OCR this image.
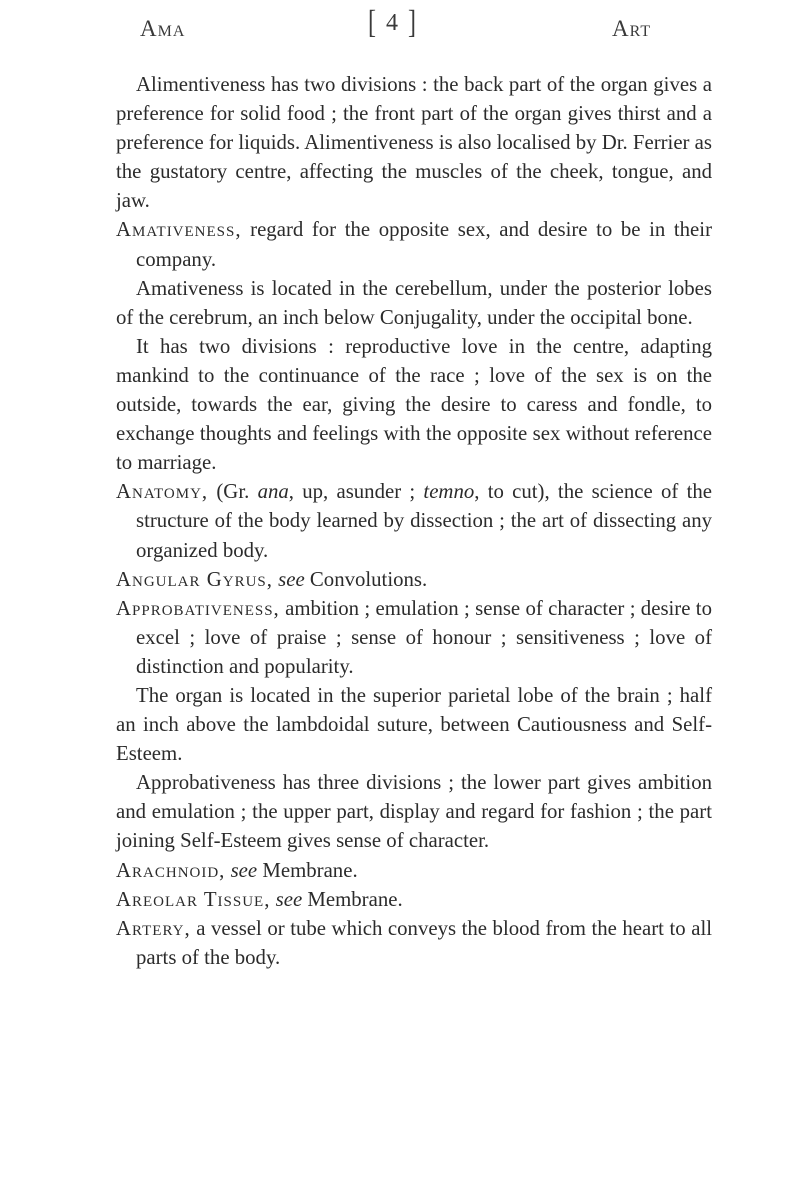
Ama	[ 4 ]	Art

Alimentiveness has two divisions : the back part of the organ gives a preference for solid food ; the front part of the organ gives thirst and a preference for liquids. Alimentiveness is also localised by Dr. Ferrier as the gustatory centre, affecting the muscles of the cheek, tongue, and jaw.

Amativeness, regard for the opposite sex, and desire to be in their company.

Amativeness is located in the cerebellum, under the posterior lobes of the cerebrum, an inch below Conjugality, under the occipital bone.

It has two divisions : reproductive love in the centre, adapting mankind to the continuance of the race ; love of the sex is on the outside, towards the ear, giving the desire to caress and fondle, to exchange thoughts and feelings with the opposite sex without reference to marriage.

Anatomy, (Gr. ana, up, asunder ; temno, to cut), the science of the structure of the body learned by dissection ; the art of dissecting any organized body.

Angular Gyrus, see Convolutions.

Approbativeness, ambition ; emulation ; sense of character ; desire to excel ; love of praise ; sense of honour ; sensitiveness ; love of distinction and popularity.

The organ is located in the superior parietal lobe of the brain ; half an inch above the lambdoidal suture, between Cautiousness and Self-Esteem.

Approbativeness has three divisions ; the lower part gives ambition and emulation ; the upper part, display and regard for fashion ; the part joining Self-Esteem gives sense of character.

Arachnoid, see Membrane.

Areolar Tissue, see Membrane.

Artery, a vessel or tube which conveys the blood from the heart to all parts of the body.
